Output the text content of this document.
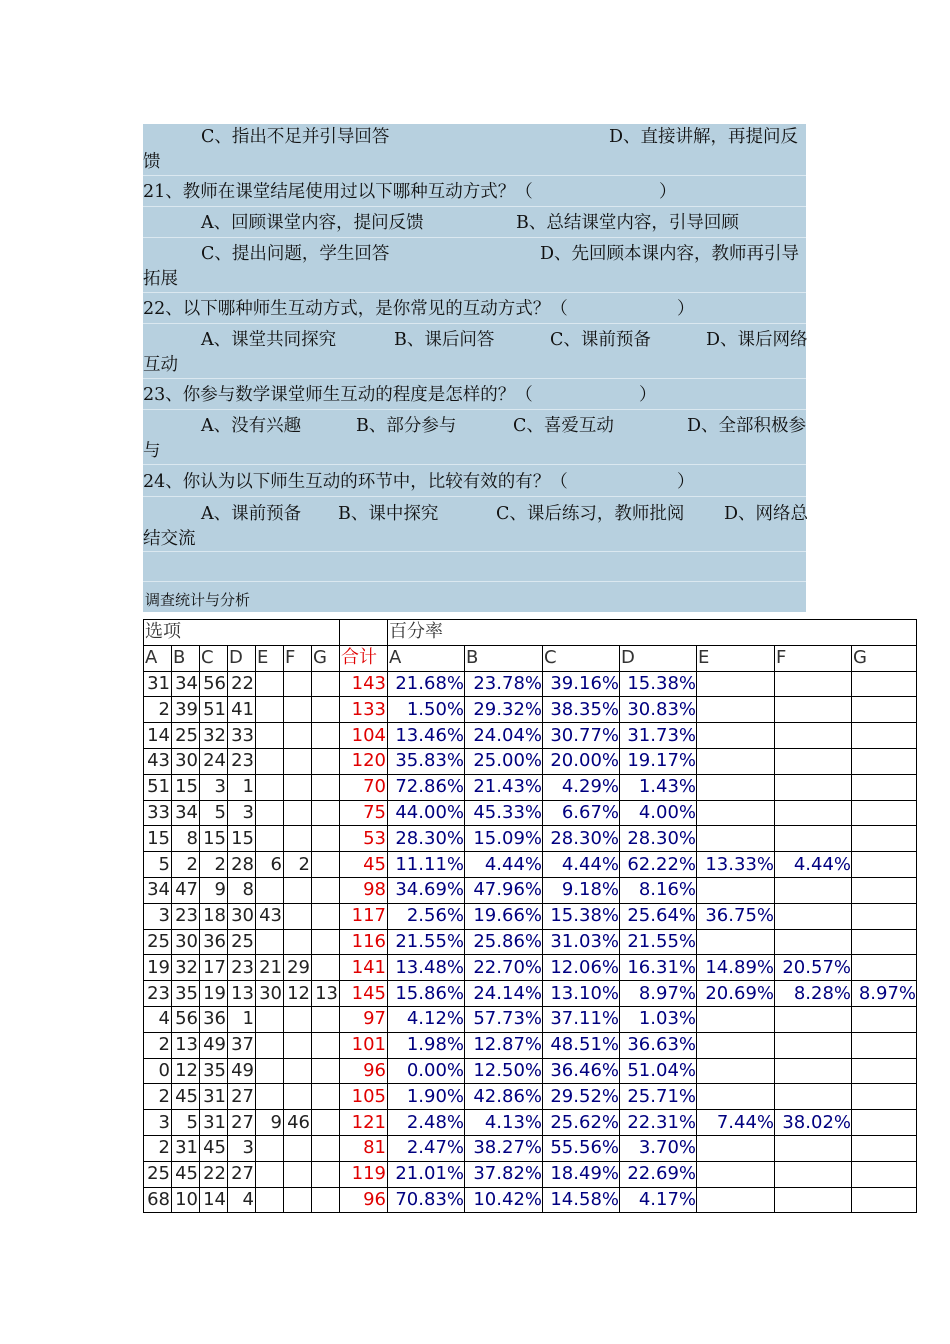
C、指出不足并引导回答	D、直接讲解，再提问反
馈
21、教师在课堂结尾使用过以下哪种互动方式？（	）
A、回顾课堂内容，提问反馈	B、总结课堂内容，引导回顾
C、提出问题，学生回答	D、先回顾本课内容，教师再引导
拓展
22、以下哪种师生互动方式，是你常见的互动方式？（	）
A、课堂共同探究	B、课后问答	C、课前预备	D、课后网络
互动
23、你参与数学课堂师生互动的程度是怎样的？（	）
A、没有兴趣	B、部分参与	C、喜爱互动	D、全部积极参
与
24、你认为以下师生互动的环节中，比较有效的有？（	）
A、课前预备 B、课中探究	C、课后练习，教师批阅 D、网络总
结交流
调查统计与分析
选项								百分率						
A	B	C	D	E	F	G	合计	A	B	C	D	E	F	G
31	34	56	22				143	21.68%	23.78%	39.16%	15.38%			
2	39	51	41				133	1.50%	29.32%	38.35%	30.83%			
14	25	32	33				104	13.46%	24.04%	30.77%	31.73%			
43	30	24	23				120	35.83%	25.00%	20.00%	19.17%			
51	15	3	1				70	72.86%	21.43%	4.29%	1.43%			
33	34	5	3				75	44.00%	45.33%	6.67%	4.00%			
15	8	15	15				53	28.30%	15.09%	28.30%	28.30%			
5	2	2	28	6	2		45	11.11%	4.44%	4.44%	62.22%	13.33%	4.44%	
34	47	9	8				98	34.69%	47.96%	9.18%	8.16%			
3	23	18	30	43			117	2.56%	19.66%	15.38%	25.64%	36.75%		
25	30	36	25				116	21.55%	25.86%	31.03%	21.55%			
19	32	17	23	21	29		141	13.48%	22.70%	12.06%	16.31%	14.89%	20.57%	
23	35	19	13	30	12	13	145	15.86%	24.14%	13.10%	8.97%	20.69%	8.28%	8.97%
4	56	36	1				97	4.12%	57.73%	37.11%	1.03%			
2	13	49	37				101	1.98%	12.87%	48.51%	36.63%			
0	12	35	49				96	0.00%	12.50%	36.46%	51.04%			
2	45	31	27				105	1.90%	42.86%	29.52%	25.71%			
3	5	31	27	9	46		121	2.48%	4.13%	25.62%	22.31%	7.44%	38.02%	
2	31	45	3				81	2.47%	38.27%	55.56%	3.70%			
25	45	22	27				119	21.01%	37.82%	18.49%	22.69%			
68	10	14	4				96	70.83%	10.42%	14.58%	4.17%			
